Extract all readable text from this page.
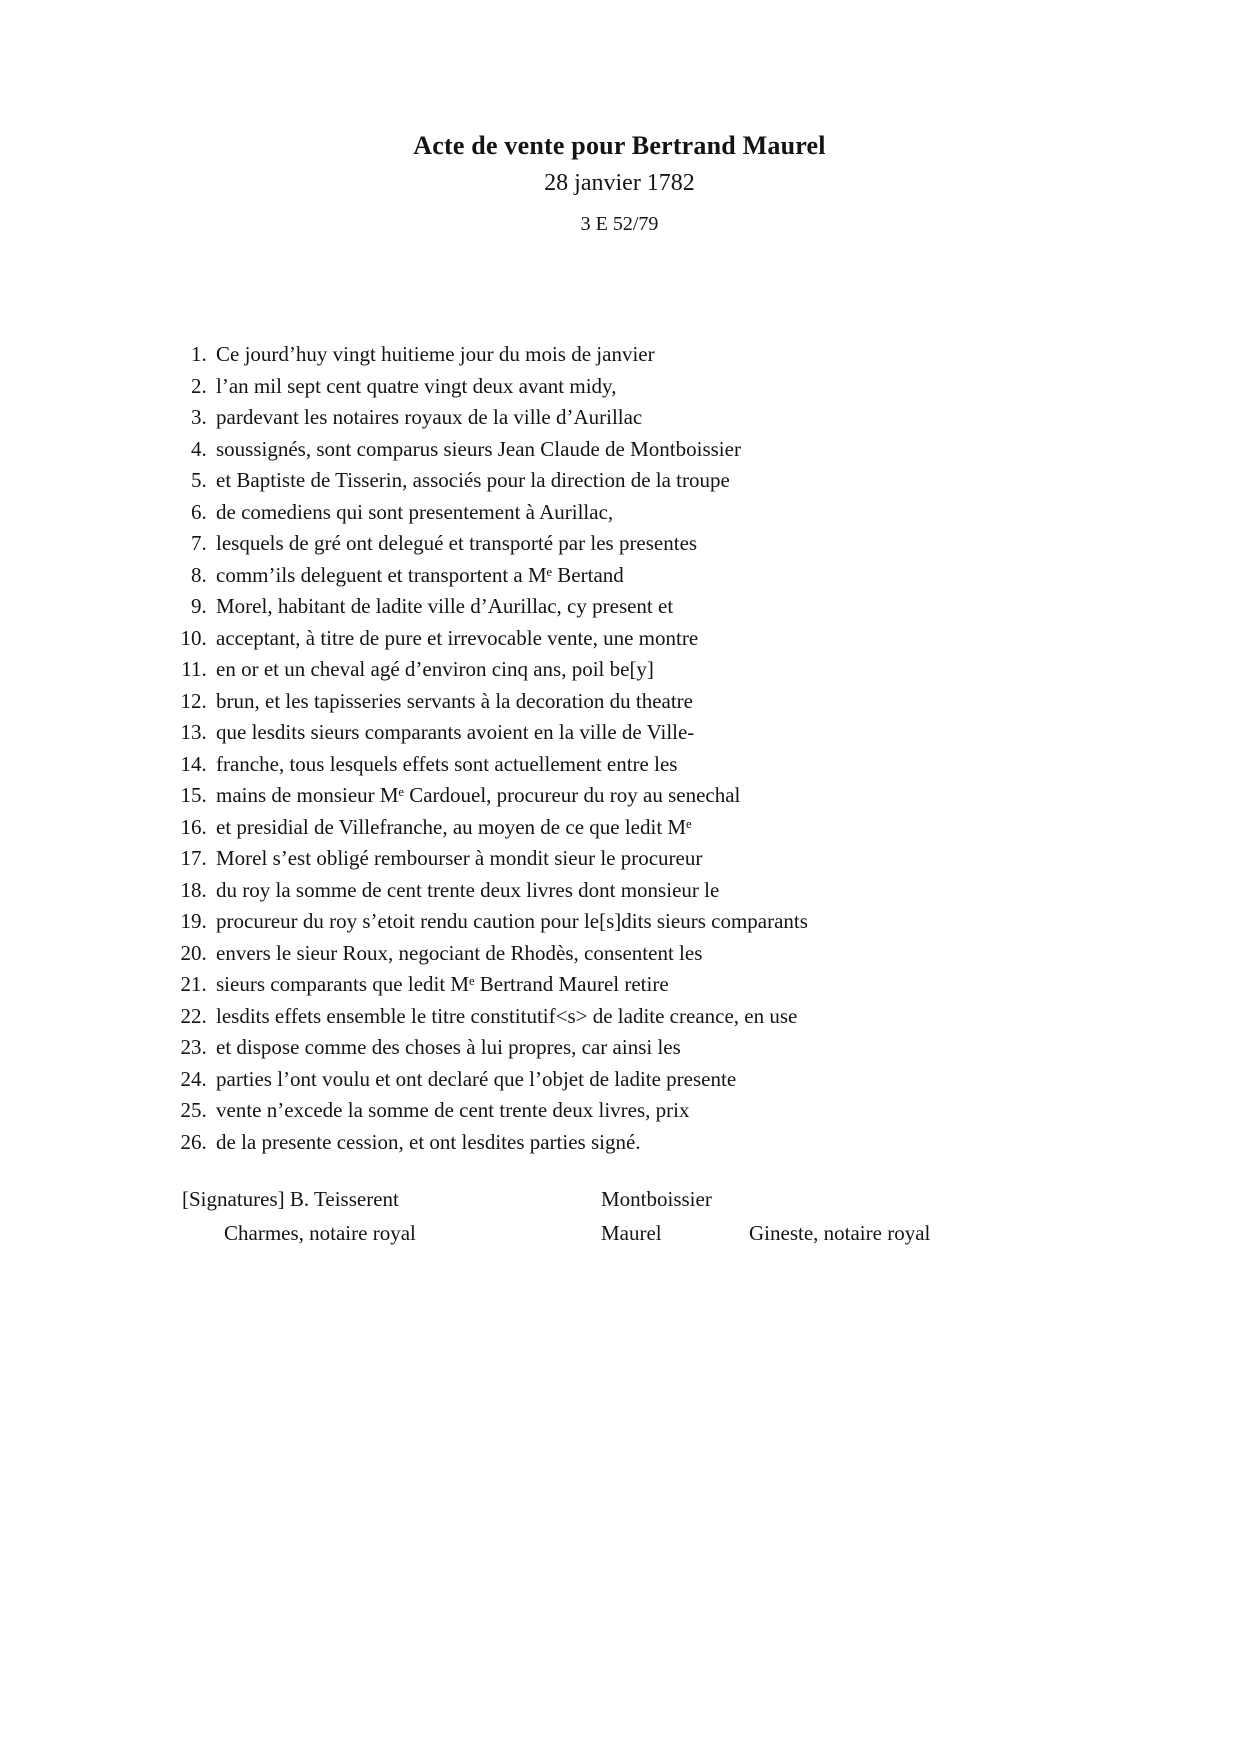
Acte de vente pour Bertrand Maurel
28 janvier 1782
3 E 52/79
1. Ce jourd’huy vingt huitieme jour du mois de janvier
2. l’an mil sept cent quatre vingt deux avant midy,
3. pardevant les notaires royaux de la ville d’Aurillac
4. soussignés, sont comparus sieurs Jean Claude de Montboissier
5. et Baptiste de Tisserin, associés pour la direction de la troupe
6. de comediens qui sont presentement à Aurillac,
7. lesquels de gré ont delegué et transporté par les presentes
8. comm’ils deleguent et transportent a Mᵉ Bertand
9. Morel, habitant de ladite ville d’Aurillac, cy present et
10. acceptant, à titre de pure et irrevocable vente, une montre
11. en or et un cheval agé d’environ cinq ans, poil be[y]
12. brun, et les tapisseries servants à la decoration du theatre
13. que lesdits sieurs comparants avoient en la ville de Ville-
14. franche, tous lesquels effets sont actuellement entre les
15. mains de monsieur Mᵉ Cardouel, procureur du roy au senechal
16. et presidial de Villefranche, au moyen de ce que ledit Mᵉ
17. Morel s’est obligé rembourser à mondit sieur le procureur
18. du roy la somme de cent trente deux livres dont monsieur le
19. procureur du roy s’etoit rendu caution pour le[s]dits sieurs comparants
20. envers le sieur Roux, negociant de Rhodès, consentent les
21. sieurs comparants que ledit Mᵉ Bertrand Maurel retire
22. lesdits effets ensemble le titre constitutif<s> de ladite creance, en use
23. et dispose comme des choses à lui propres, car ainsi les
24. parties l’ont voulu et ont declaré que l’objet de ladite presente
25. vente n’excede la somme de cent trente deux livres, prix
26. de la presente cession, et ont lesdites parties signé.
[Signatures] B. Teisserent	Montboissier
Charmes, notaire royal	Maurel	Gineste, notaire royal
